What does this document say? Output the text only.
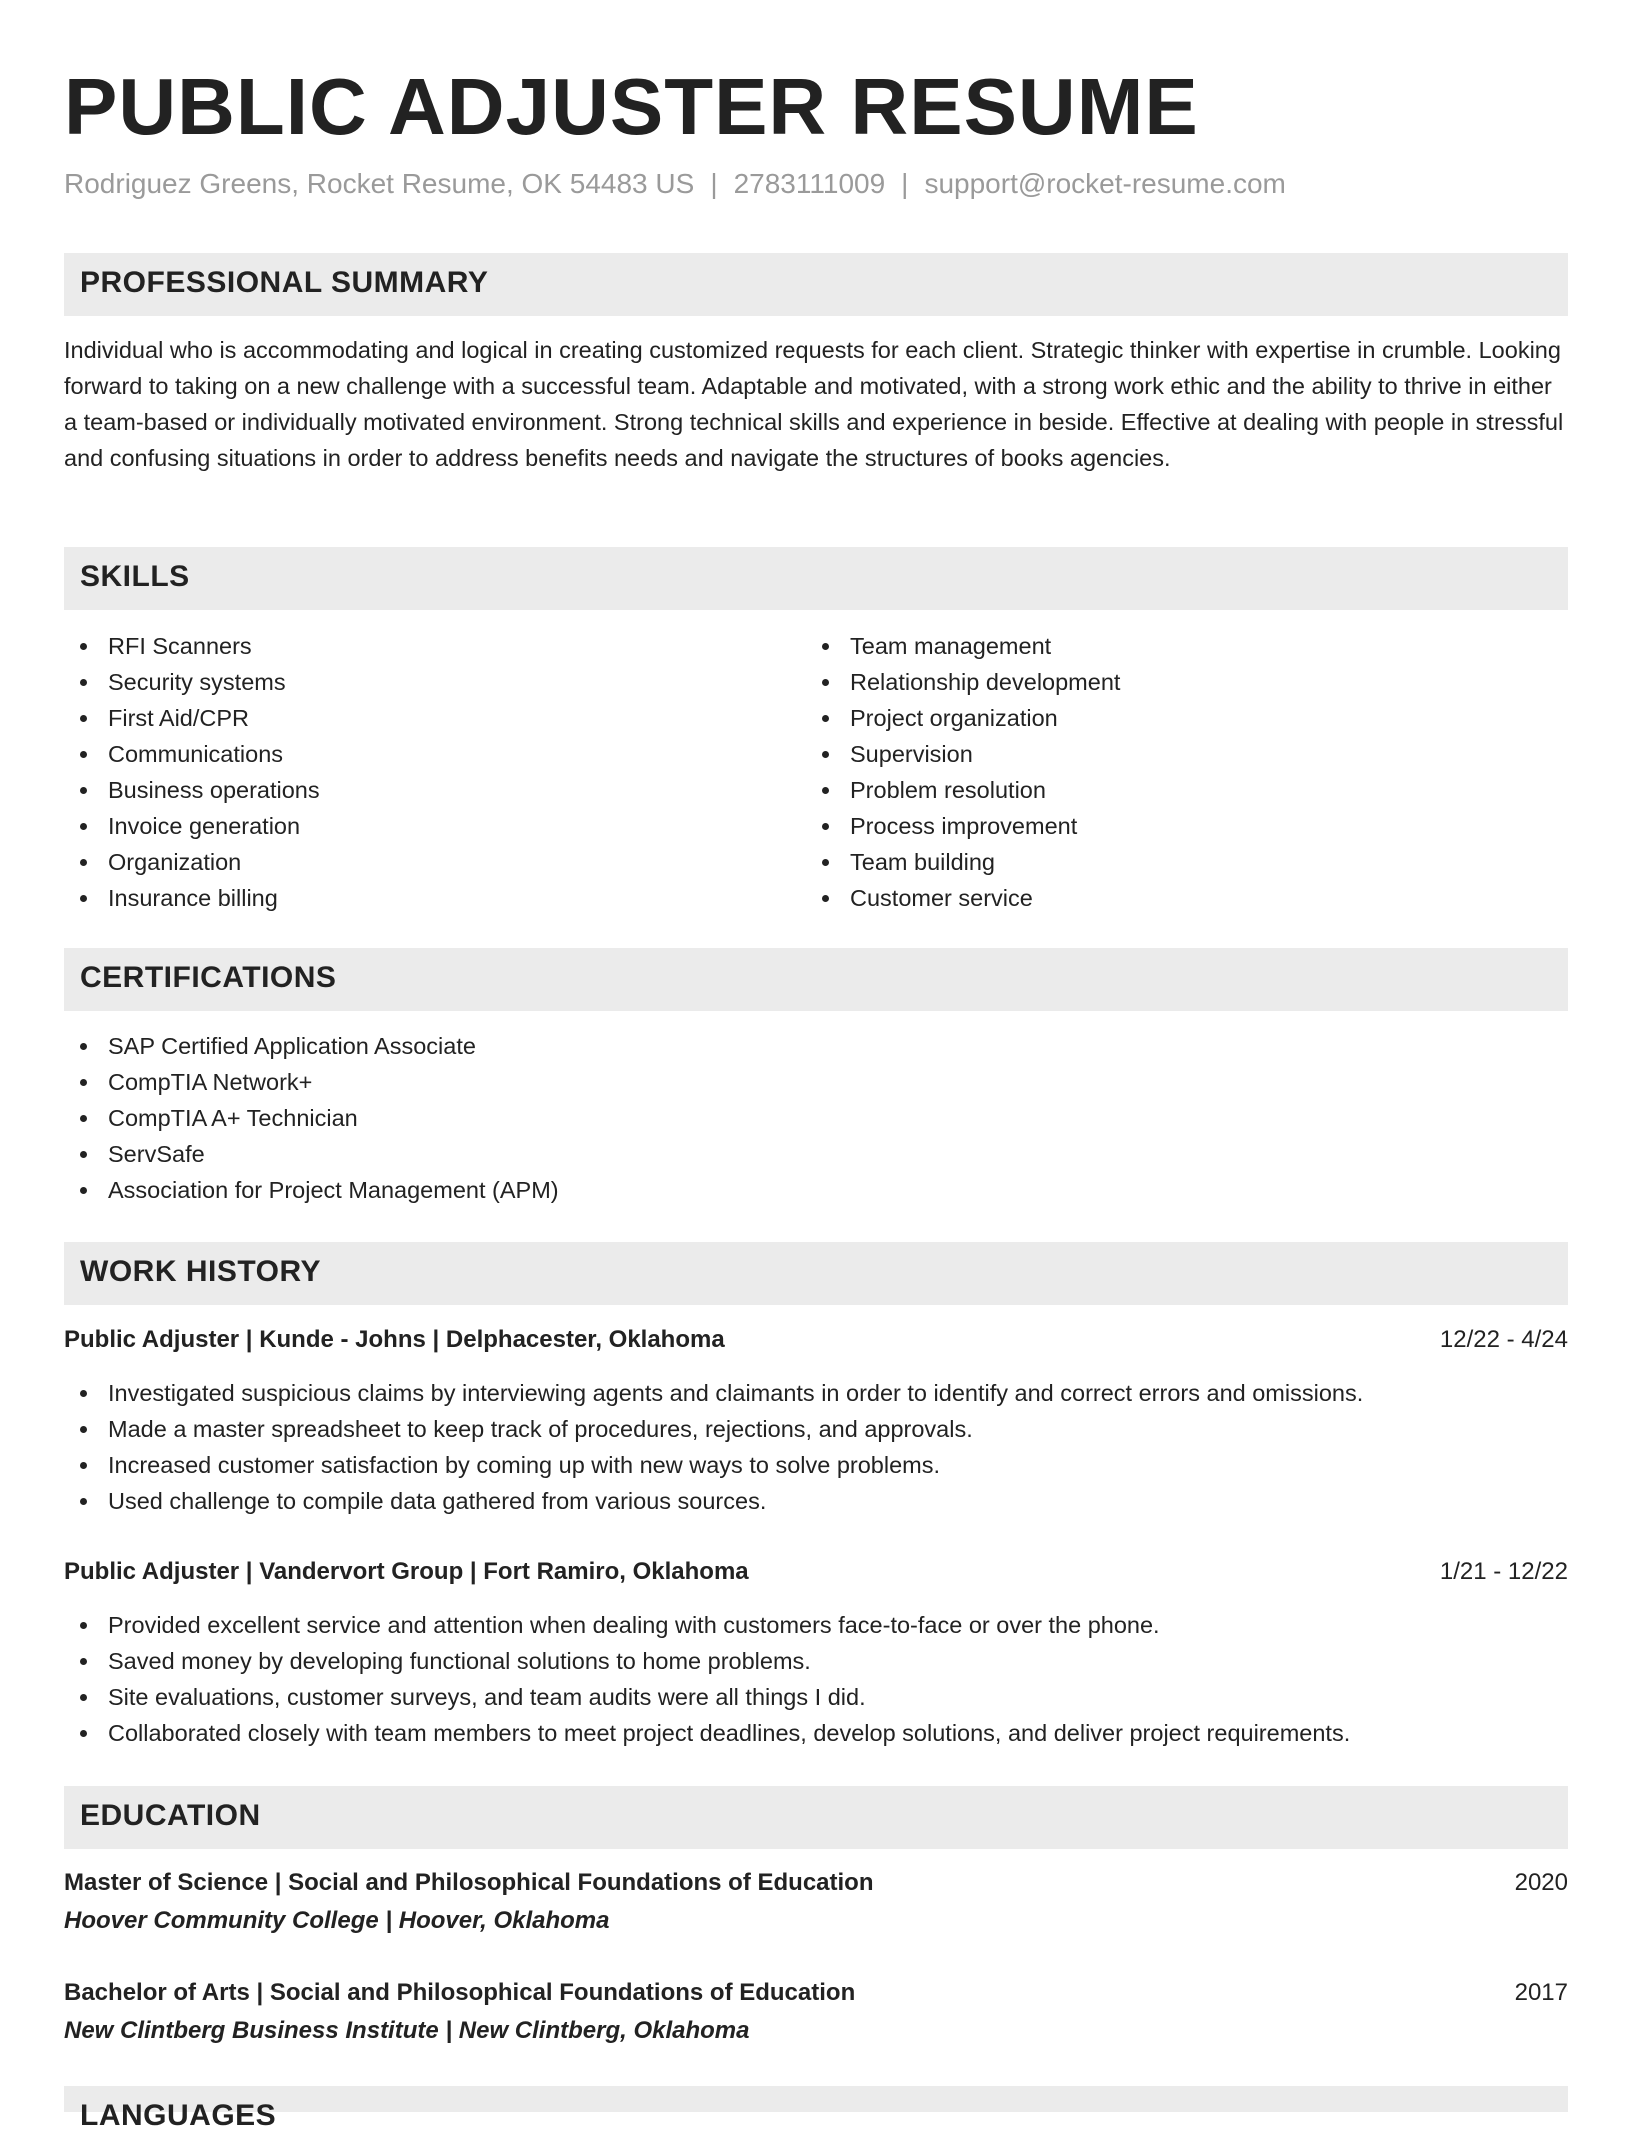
PUBLIC ADJUSTER RESUME
Rodriguez Greens, Rocket Resume, OK 54483 US | 2783111009 | support@rocket-resume.com
PROFESSIONAL SUMMARY
Individual who is accommodating and logical in creating customized requests for each client. Strategic thinker with expertise in crumble. Looking forward to taking on a new challenge with a successful team. Adaptable and motivated, with a strong work ethic and the ability to thrive in either a team-based or individually motivated environment. Strong technical skills and experience in beside. Effective at dealing with people in stressful and confusing situations in order to address benefits needs and navigate the structures of books agencies.
SKILLS
RFI Scanners
Security systems
First Aid/CPR
Communications
Business operations
Invoice generation
Organization
Insurance billing
Team management
Relationship development
Project organization
Supervision
Problem resolution
Process improvement
Team building
Customer service
CERTIFICATIONS
SAP Certified Application Associate
CompTIA Network+
CompTIA A+ Technician
ServSafe
Association for Project Management (APM)
WORK HISTORY
Public Adjuster | Kunde - Johns | Delphacester, Oklahoma	12/22 - 4/24
Investigated suspicious claims by interviewing agents and claimants in order to identify and correct errors and omissions.
Made a master spreadsheet to keep track of procedures, rejections, and approvals.
Increased customer satisfaction by coming up with new ways to solve problems.
Used challenge to compile data gathered from various sources.
Public Adjuster | Vandervort Group | Fort Ramiro, Oklahoma	1/21 - 12/22
Provided excellent service and attention when dealing with customers face-to-face or over the phone.
Saved money by developing functional solutions to home problems.
Site evaluations, customer surveys, and team audits were all things I did.
Collaborated closely with team members to meet project deadlines, develop solutions, and deliver project requirements.
EDUCATION
Master of Science | Social and Philosophical Foundations of Education	2020
Hoover Community College | Hoover, Oklahoma
Bachelor of Arts | Social and Philosophical Foundations of Education	2017
New Clintberg Business Institute | New Clintberg, Oklahoma
LANGUAGES
